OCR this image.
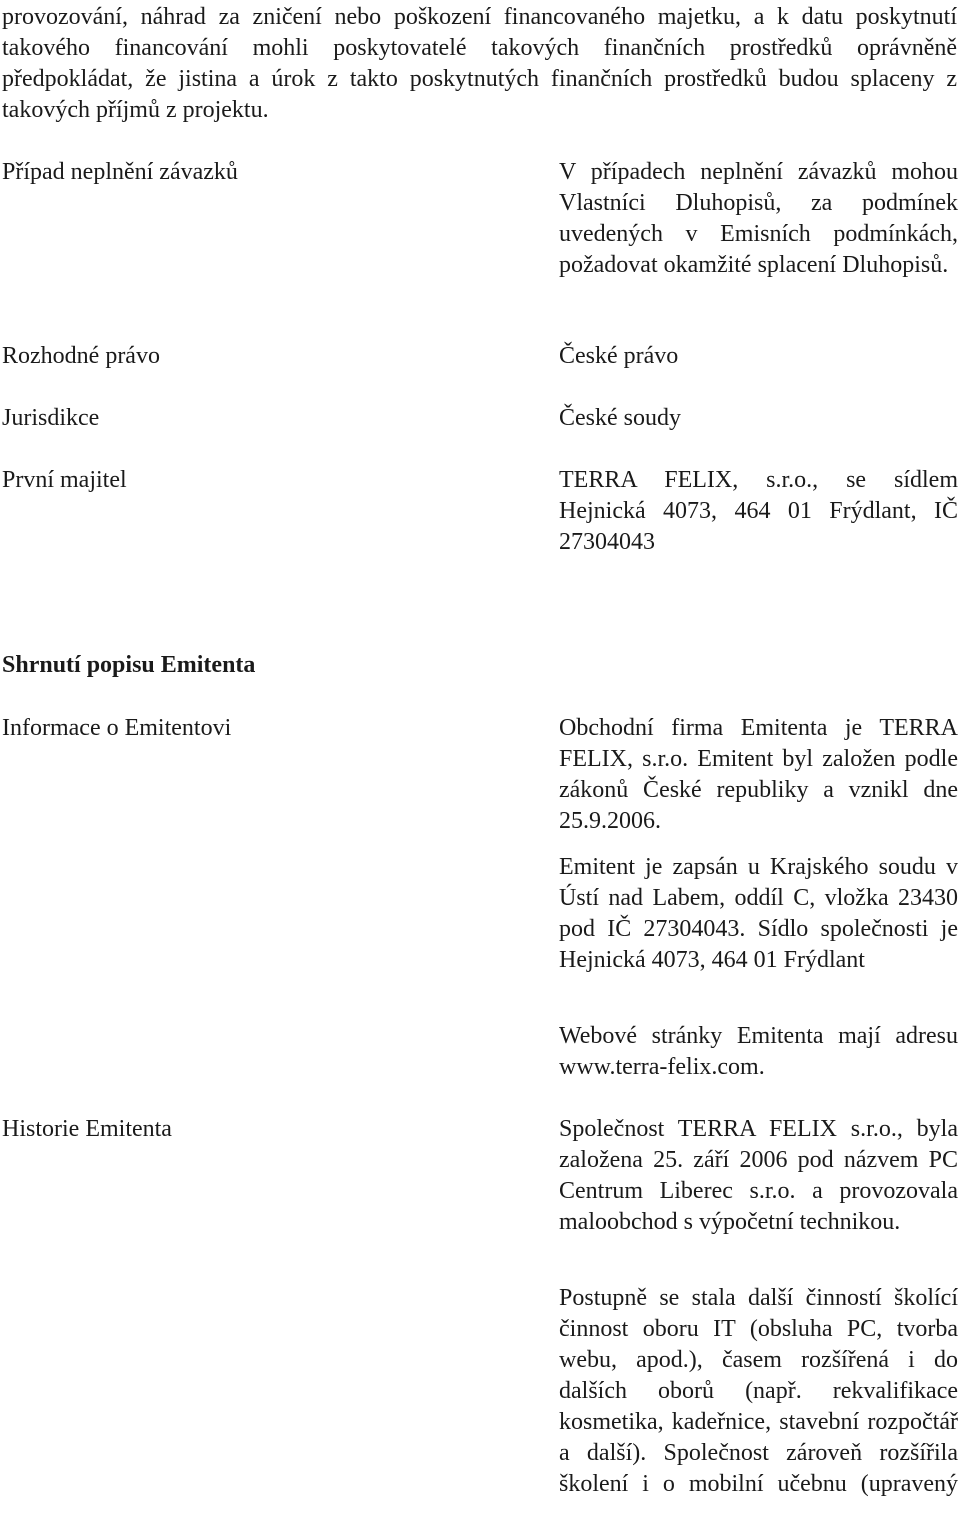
provozování, náhrad za zničení nebo poškození financovaného majetku, a k datu poskytnutí takového financování mohli poskytovatelé takových finančních prostředků oprávněně předpokládat, že jistina a úrok z takto poskytnutých finančních prostředků budou splaceny z takových příjmů z projektu.

Případ neplnění závazků	V případech neplnění závazků mohou Vlastníci Dluhopisů, za podmínek uvedených v Emisních podmínkách, požadovat okamžité splacení Dluhopisů.

Rozhodné právo	České právo

Jurisdikce	České soudy

První majitel	TERRA FELIX, s.r.o., se sídlem Hejnická 4073, 464 01 Frýdlant, IČ 27304043

Shrnutí popisu Emitenta

Informace o Emitentovi	Obchodní firma Emitenta je TERRA FELIX, s.r.o. Emitent byl založen podle zákonů České republiky a vznikl dne 25.9.2006.

Emitent je zapsán u Krajského soudu v Ústí nad Labem, oddíl C, vložka 23430 pod IČ 27304043. Sídlo společnosti je Hejnická 4073, 464 01 Frýdlant

Webové stránky Emitenta mají adresu www.terra-felix.com.

Historie Emitenta	Společnost TERRA FELIX s.r.o., byla založena 25. září 2006 pod názvem PC Centrum Liberec s.r.o. a provozovala maloobchod s výpočetní technikou.

Postupně se stala další činností školící činnost oboru IT (obsluha PC, tvorba webu, apod.), časem rozšířená i do dalších oborů (např. rekvalifikace kosmetika, kadeřnice, stavební rozpočtář a další). Společnost zároveň rozšířila školení i o mobilní učebnu (upravený
